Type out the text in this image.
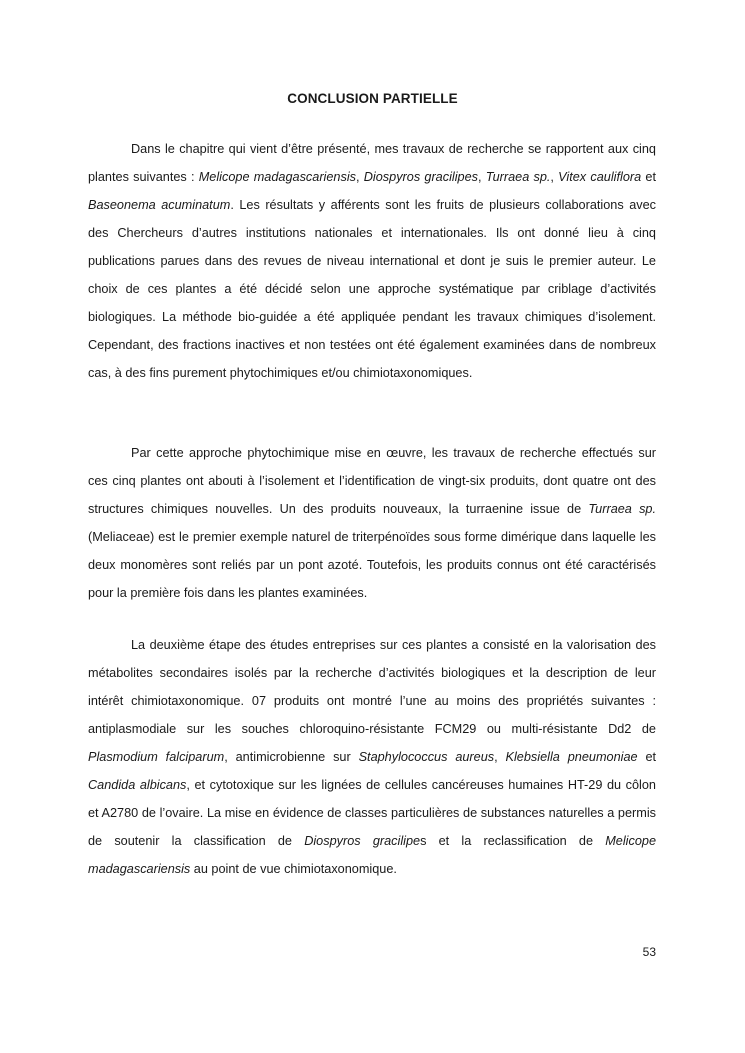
CONCLUSION PARTIELLE

Dans le chapitre qui vient d’être présenté, mes travaux de recherche se rapportent aux cinq plantes suivantes : Melicope madagascariensis, Diospyros gracilipes, Turraea sp., Vitex cauliflora et Baseonema acuminatum. Les résultats y afférents sont les fruits de plusieurs collaborations avec des Chercheurs d’autres institutions nationales et internationales. Ils ont donné lieu à cinq publications parues dans des revues de niveau international et dont je suis le premier auteur. Le choix de ces plantes a été décidé selon une approche systématique par criblage d’activités biologiques. La méthode bio-guidée a été appliquée pendant les travaux chimiques d’isolement. Cependant, des fractions inactives et non testées ont été également examinées dans de nombreux cas, à des fins purement phytochimiques et/ou chimiotaxonomiques.

Par cette approche phytochimique mise en œuvre, les travaux de recherche effectués sur ces cinq plantes ont abouti à l’isolement et l’identification de vingt-six produits, dont quatre ont des structures chimiques nouvelles. Un des produits nouveaux, la turraenine issue de Turraea sp. (Meliaceae) est le premier exemple naturel de triterpénoïdes sous forme dimérique dans laquelle les deux monomères sont reliés par un pont azoté. Toutefois, les produits connus ont été caractérisés pour la première fois dans les plantes examinées.

La deuxième étape des études entreprises sur ces plantes a consisté en la valorisation des métabolites secondaires isolés par la recherche d’activités biologiques et la description de leur intérêt chimiotaxonomique. 07 produits ont montré l’une au moins des propriétés suivantes : antiplasmodiale sur les souches chloroquino-résistante FCM29 ou multi-résistante Dd2 de Plasmodium falciparum, antimicrobienne sur Staphylococcus aureus, Klebsiella pneumoniae et Candida albicans, et cytotoxique sur les lignées de cellules cancéreuses humaines HT-29 du côlon et A2780 de l’ovaire. La mise en évidence de classes particulières de substances naturelles a permis de soutenir la classification de Diospyros gracilipes et la reclassification de Melicope madagascariensis au point de vue chimiotaxonomique.

53
